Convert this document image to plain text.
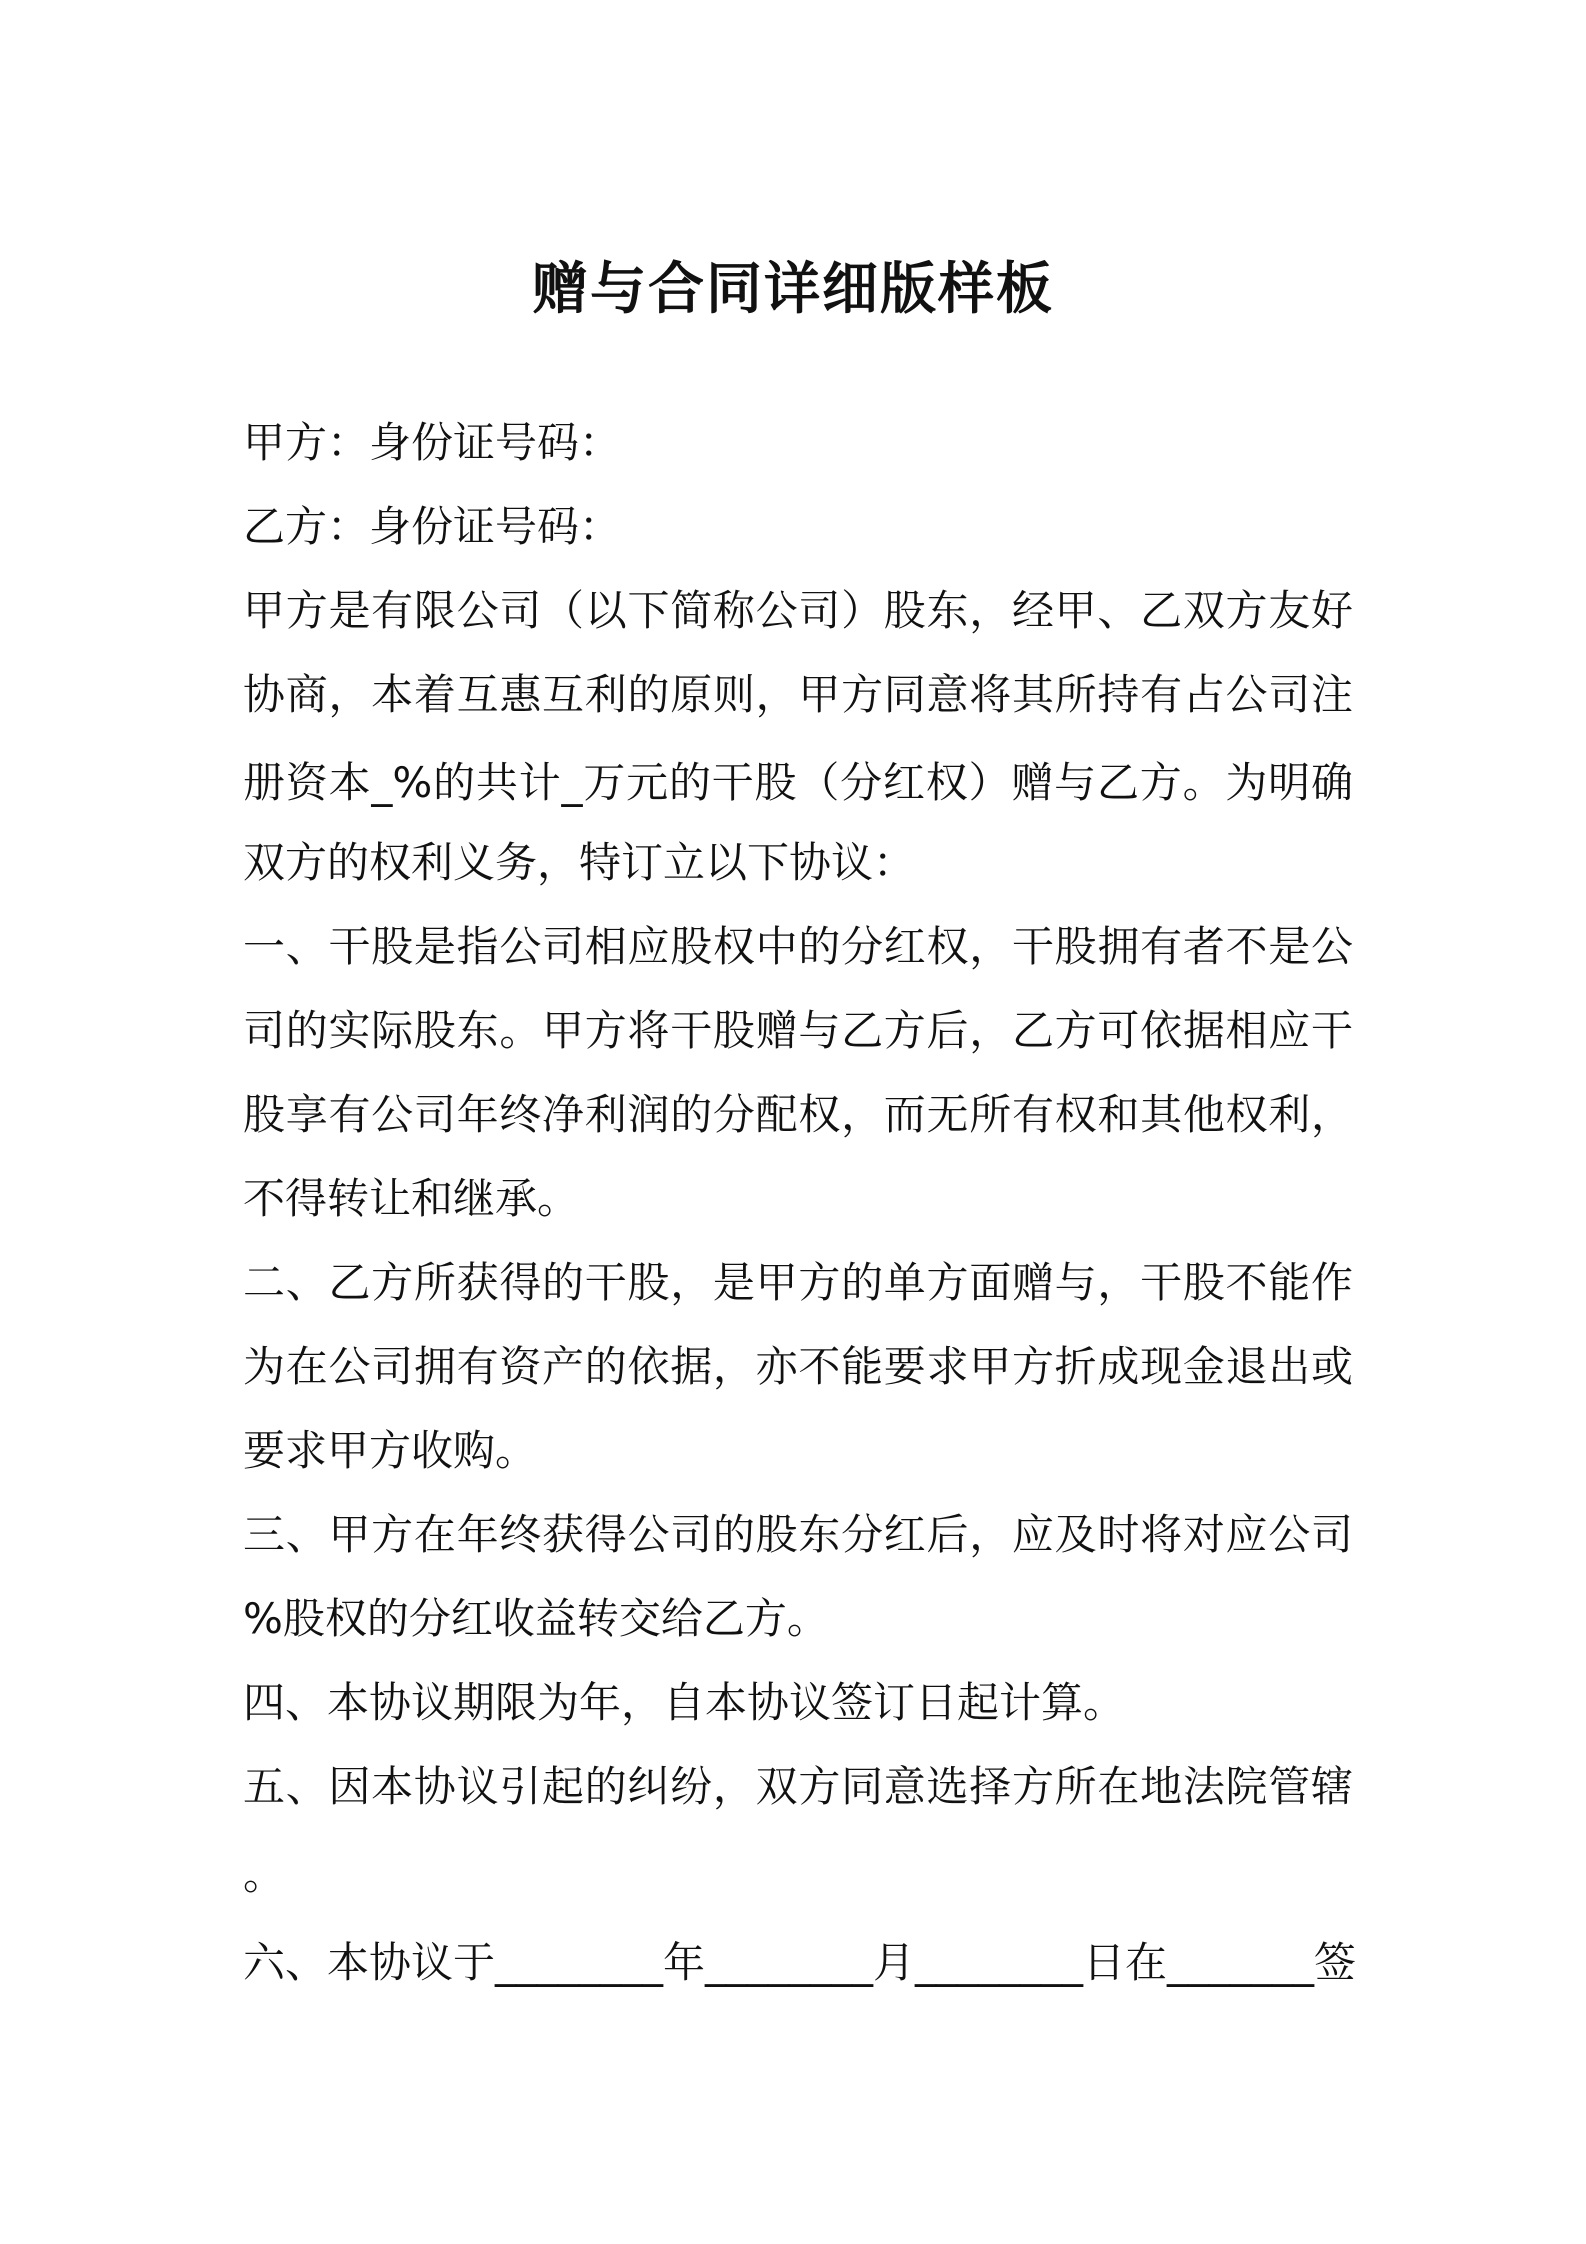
赠与合同详细版样板

甲方：身份证号码：

乙方：身份证号码：

甲方是有限公司（以下简称公司）股东，经甲、乙双方友好

协商，本着互惠互利的原则，甲方同意将其所持有占公司注

册资本_%的共计_万元的干股（分红权）赠与乙方。为明确

双方的权利义务，特订立以下协议：

一、干股是指公司相应股权中的分红权，干股拥有者不是公

司的实际股东。甲方将干股赠与乙方后，乙方可依据相应干

股享有公司年终净利润的分配权，而无所有权和其他权利，

不得转让和继承。

二、乙方所获得的干股，是甲方的单方面赠与，干股不能作

为在公司拥有资产的依据，亦不能要求甲方折成现金退出或

要求甲方收购。

三、甲方在年终获得公司的股东分红后，应及时将对应公司

%股权的分红收益转交给乙方。

四、本协议期限为年，自本协议签订日起计算。

五、因本协议引起的纠纷，双方同意选择方所在地法院管辖

。

六、本协议于________年________月________日在_______签
